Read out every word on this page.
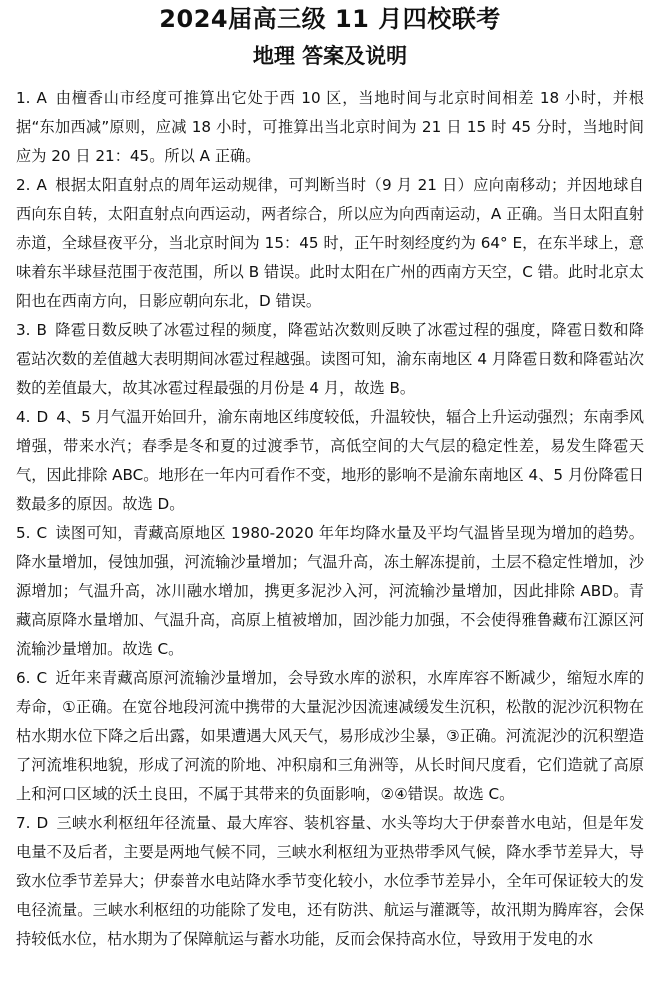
2024届高三级 11 月四校联考
地理 答案及说明

1. A 由檀香山市经度可推算出它处于西 10 区，当地时间与北京时间相差 18 小时，并根据“东加西减”原则，应减 18 小时，可推算出当北京时间为 21 日 15 时 45 分时，当地时间应为 20 日 21：45。所以 A 正确。

2. A 根据太阳直射点的周年运动规律，可判断当时（9 月 21 日）应向南移动；并因地球自西向东自转，太阳直射点向西运动，两者综合，所以应为向西南运动，A 正确。当日太阳直射赤道，全球昼夜平分，当北京时间为 15：45 时，正午时刻经度约为 64° E，在东半球上，意味着东半球昼范围于夜范围，所以 B 错误。此时太阳在广州的西南方天空，C 错。此时北京太阳也在西南方向，日影应朝向东北，D 错误。

3. B 降雹日数反映了冰雹过程的频度，降雹站次数则反映了冰雹过程的强度，降雹日数和降雹站次数的差值越大表明期间冰雹过程越强。读图可知，渝东南地区 4 月降雹日数和降雹站次数的差值最大，故其冰雹过程最强的月份是 4 月，故选 B。

4. D 4、5 月气温开始回升，渝东南地区纬度较低，升温较快，辐合上升运动强烈；东南季风增强，带来水汽；春季是冬和夏的过渡季节，高低空间的大气层的稳定性差，易发生降雹天气，因此排除 ABC。地形在一年内可看作不变，地形的影响不是渝东南地区 4、5 月份降雹日数最多的原因。故选 D。

5. C 读图可知，青藏高原地区 1980-2020 年年均降水量及平均气温皆呈现为增加的趋势。降水量增加，侵蚀加强，河流输沙量增加；气温升高，冻土解冻提前，土层不稳定性增加，沙源增加；气温升高，冰川融水增加，携更多泥沙入河，河流输沙量增加，因此排除 ABD。青藏高原降水量增加、气温升高，高原上植被增加，固沙能力加强，不会使得雅鲁藏布江源区河流输沙量增加。故选 C。

6. C 近年来青藏高原河流输沙量增加，会导致水库的淤积，水库库容不断减少，缩短水库的寿命，①正确。在宽谷地段河流中携带的大量泥沙因流速减缓发生沉积，松散的泥沙沉积物在枯水期水位下降之后出露，如果遭遇大风天气，易形成沙尘暴，③正确。河流泥沙的沉积塑造了河流堆积地貌，形成了河流的阶地、冲积扇和三角洲等，从长时间尺度看，它们造就了高原上和河口区域的沃土良田，不属于其带来的负面影响，②④错误。故选 C。

7. D 三峡水利枢纽年径流量、最大库容、装机容量、水头等均大于伊泰普水电站，但是年发电量不及后者，主要是两地气候不同，三峡水利枢纽为亚热带季风气候，降水季节差异大，导致水位季节差异大；伊泰普水电站降水季节变化较小，水位季节差异小，全年可保证较大的发电径流量。三峡水利枢纽的功能除了发电，还有防洪、航运与灌溉等，故汛期为腾库容，会保持较低水位，枯水期为了保障航运与蓄水功能，反而会保持高水位，导致用于发电的水
